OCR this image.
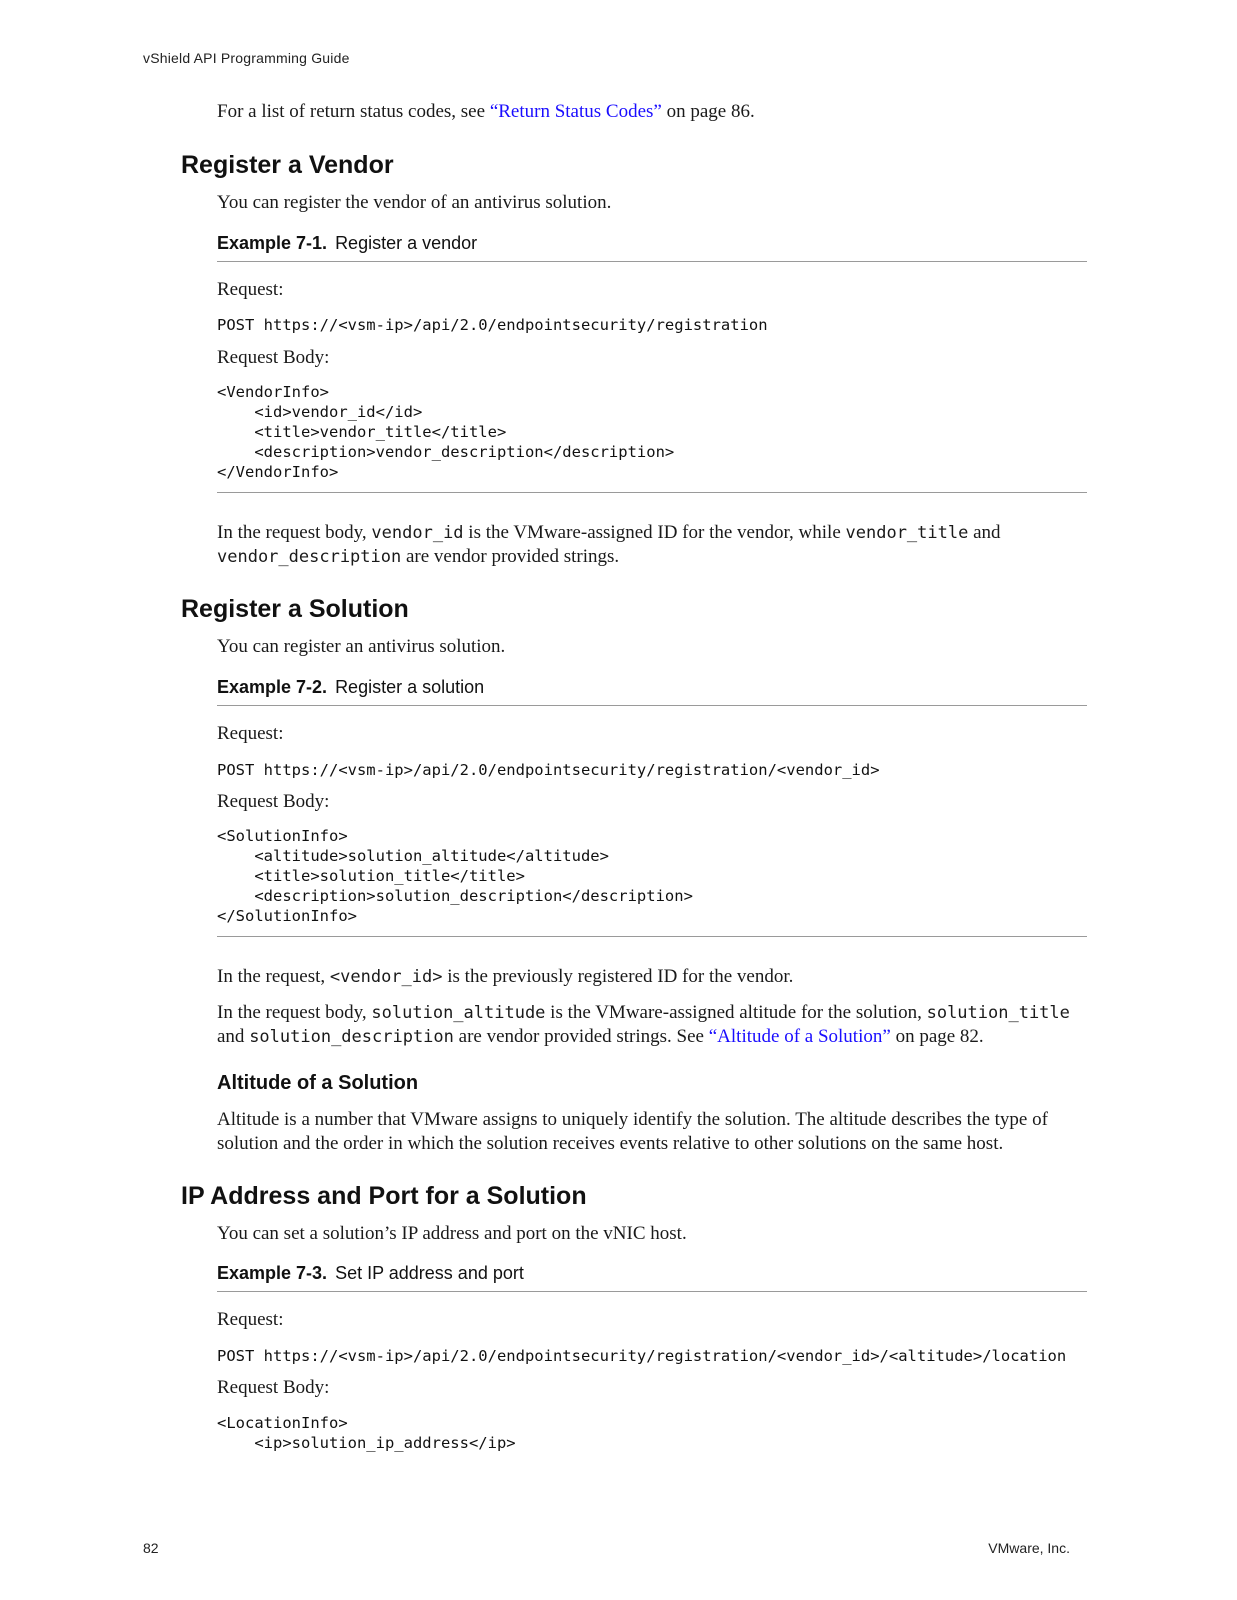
vShield API Programming Guide
For a list of return status codes, see “Return Status Codes” on page 86.
Register a Vendor
You can register the vendor of an antivirus solution.
Example 7-1. Register a vendor
Request:
POST https://<vsm-ip>/api/2.0/endpointsecurity/registration
Request Body:
<VendorInfo>
<id>vendor_id</id>
<title>vendor_title</title>
<description>vendor_description</description>
</VendorInfo>
In the request body, vendor_id is the VMware-assigned ID for the vendor, while vendor_title and
vendor_description are vendor provided strings.
Register a Solution
You can register an antivirus solution.
Example 7-2. Register a solution
Request:
POST https://<vsm-ip>/api/2.0/endpointsecurity/registration/<vendor_id>
Request Body:
<SolutionInfo>
<altitude>solution_altitude</altitude>
<title>solution_title</title>
<description>solution_description</description>
</SolutionInfo>
In the request, <vendor_id> is the previously registered ID for the vendor.
In the request body, solution_altitude is the VMware-assigned altitude for the solution, solution_title
and solution_description are vendor provided strings. See “Altitude of a Solution” on page 82.
Altitude of a Solution
Altitude is a number that VMware assigns to uniquely identify the solution. The altitude describes the type of solution and the order in which the solution receives events relative to other solutions on the same host.
IP Address and Port for a Solution
You can set a solution’s IP address and port on the vNIC host.
Example 7-3. Set IP address and port
Request:
POST https://<vsm-ip>/api/2.0/endpointsecurity/registration/<vendor_id>/<altitude>/location
Request Body:
<LocationInfo>
<ip>solution_ip_address</ip>
82	VMware, Inc.
